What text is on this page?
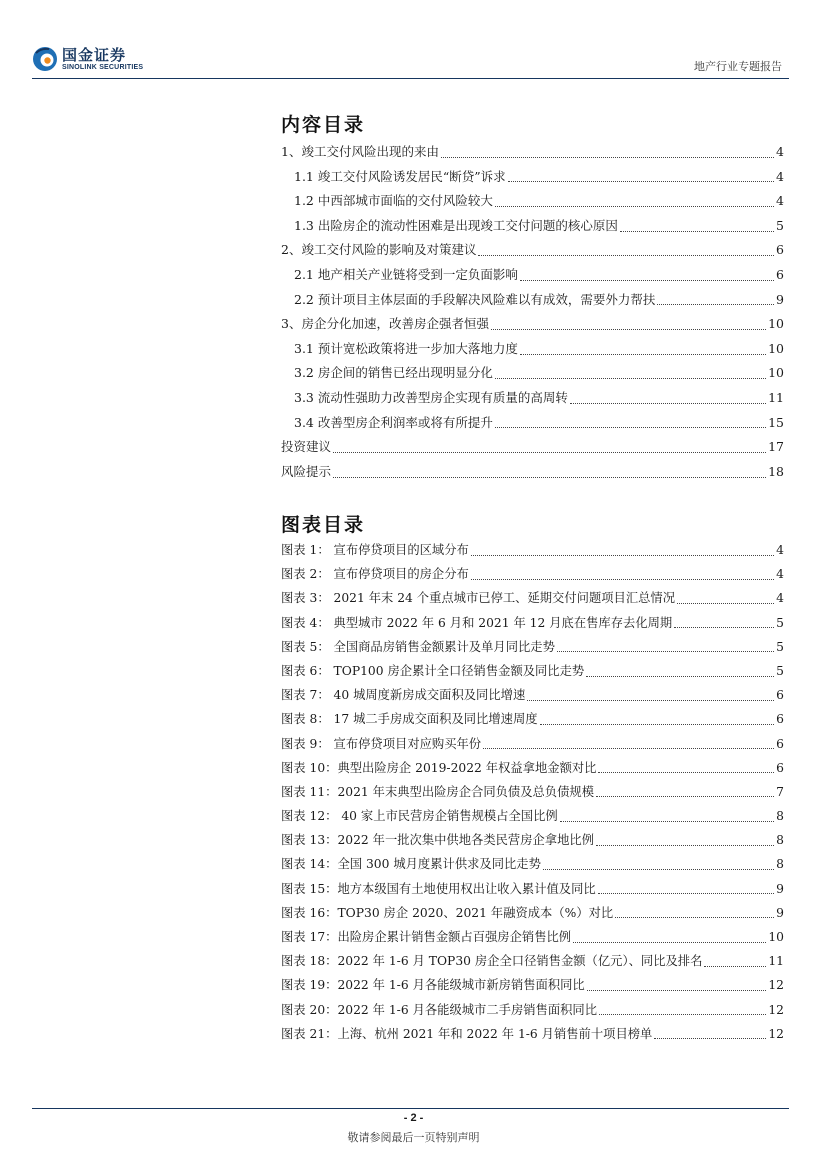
国金证券
SINOLINK SECURITIES	地产行业专题报告
内容目录
1、竣工交付风险出现的来由	4
1.1 竣工交付风险诱发居民“断贷”诉求	4
1.2 中西部城市面临的交付风险较大	4
1.3 出险房企的流动性困难是出现竣工交付问题的核心原因	5
2、竣工交付风险的影响及对策建议	6
2.1 地产相关产业链将受到一定负面影响	6
2.2 预计项目主体层面的手段解决风险难以有成效，需要外力帮扶	9
3、房企分化加速，改善房企强者恒强	10
3.1 预计宽松政策将进一步加大落地力度	10
3.2 房企间的销售已经出现明显分化	10
3.3 流动性强助力改善型房企实现有质量的高周转	11
3.4 改善型房企利润率或将有所提升	15
投资建议	17
风险提示	18
图表目录
图表 1： 宣布停贷项目的区域分布	4
图表 2： 宣布停贷项目的房企分布	4
图表 3： 2021 年末 24 个重点城市已停工、延期交付问题项目汇总情况	4
图表 4： 典型城市 2022 年 6 月和 2021 年 12 月底在售库存去化周期	5
图表 5： 全国商品房销售金额累计及单月同比走势	5
图表 6： TOP100 房企累计全口径销售金额及同比走势	5
图表 7： 40 城周度新房成交面积及同比增速	6
图表 8： 17 城二手房成交面积及同比增速周度	6
图表 9： 宣布停贷项目对应购买年份	6
图表 10：典型出险房企 2019-2022 年权益拿地金额对比	6
图表 11：2021 年末典型出险房企合同负债及总负债规模	7
图表 12： 40 家上市民营房企销售规模占全国比例	8
图表 13：2022 年一批次集中供地各类民营房企拿地比例	8
图表 14：全国 300 城月度累计供求及同比走势	8
图表 15：地方本级国有土地使用权出让收入累计值及同比	9
图表 16：TOP30 房企 2020、2021 年融资成本（%）对比	9
图表 17：出险房企累计销售金额占百强房企销售比例	10
图表 18：2022 年 1-6 月 TOP30 房企全口径销售金额（亿元）、同比及排名	11
图表 19：2022 年 1-6 月各能级城市新房销售面积同比	12
图表 20：2022 年 1-6 月各能级城市二手房销售面积同比	12
图表 21：上海、杭州 2021 年和 2022 年 1-6 月销售前十项目榜单	12
- 2 -
敬请参阅最后一页特别声明
